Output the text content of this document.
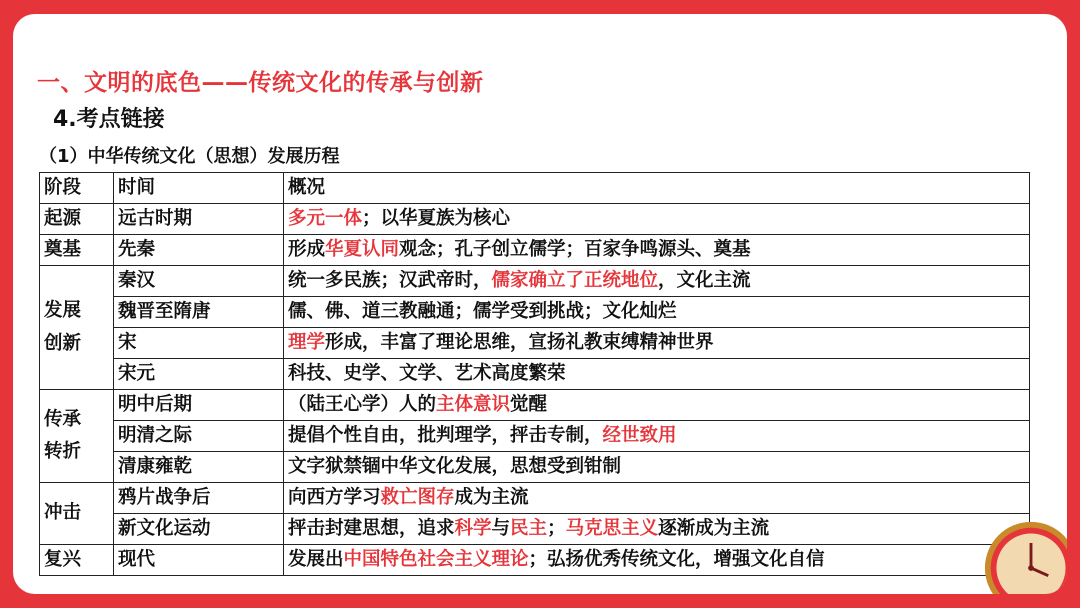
一、文明的底色——传统文化的传承与创新
4.考点链接
（1）中华传统文化（思想）发展历程
阶段	时间	概况
起源	远古时期	多元一体；以华夏族为核心
奠基	先秦	形成华夏认同观念；孔子创立儒学；百家争鸣源头、奠基
发展
创新	秦汉	统一多民族；汉武帝时，儒家确立了正统地位，文化主流
	魏晋至隋唐	儒、佛、道三教融通；儒学受到挑战；文化灿烂
	宋	理学形成，丰富了理论思维，宣扬礼教束缚精神世界
	宋元	科技、史学、文学、艺术高度繁荣
传承
转折	明中后期	（陆王心学）人的主体意识觉醒
	明清之际	提倡个性自由，批判理学，抨击专制，经世致用
	清康雍乾	文字狱禁锢中华文化发展，思想受到钳制
冲击	鸦片战争后	向西方学习救亡图存成为主流
	新文化运动	抨击封建思想，追求科学与民主；马克思主义逐渐成为主流
复兴	现代	发展出中国特色社会主义理论；弘扬优秀传统文化，增强文化自信
